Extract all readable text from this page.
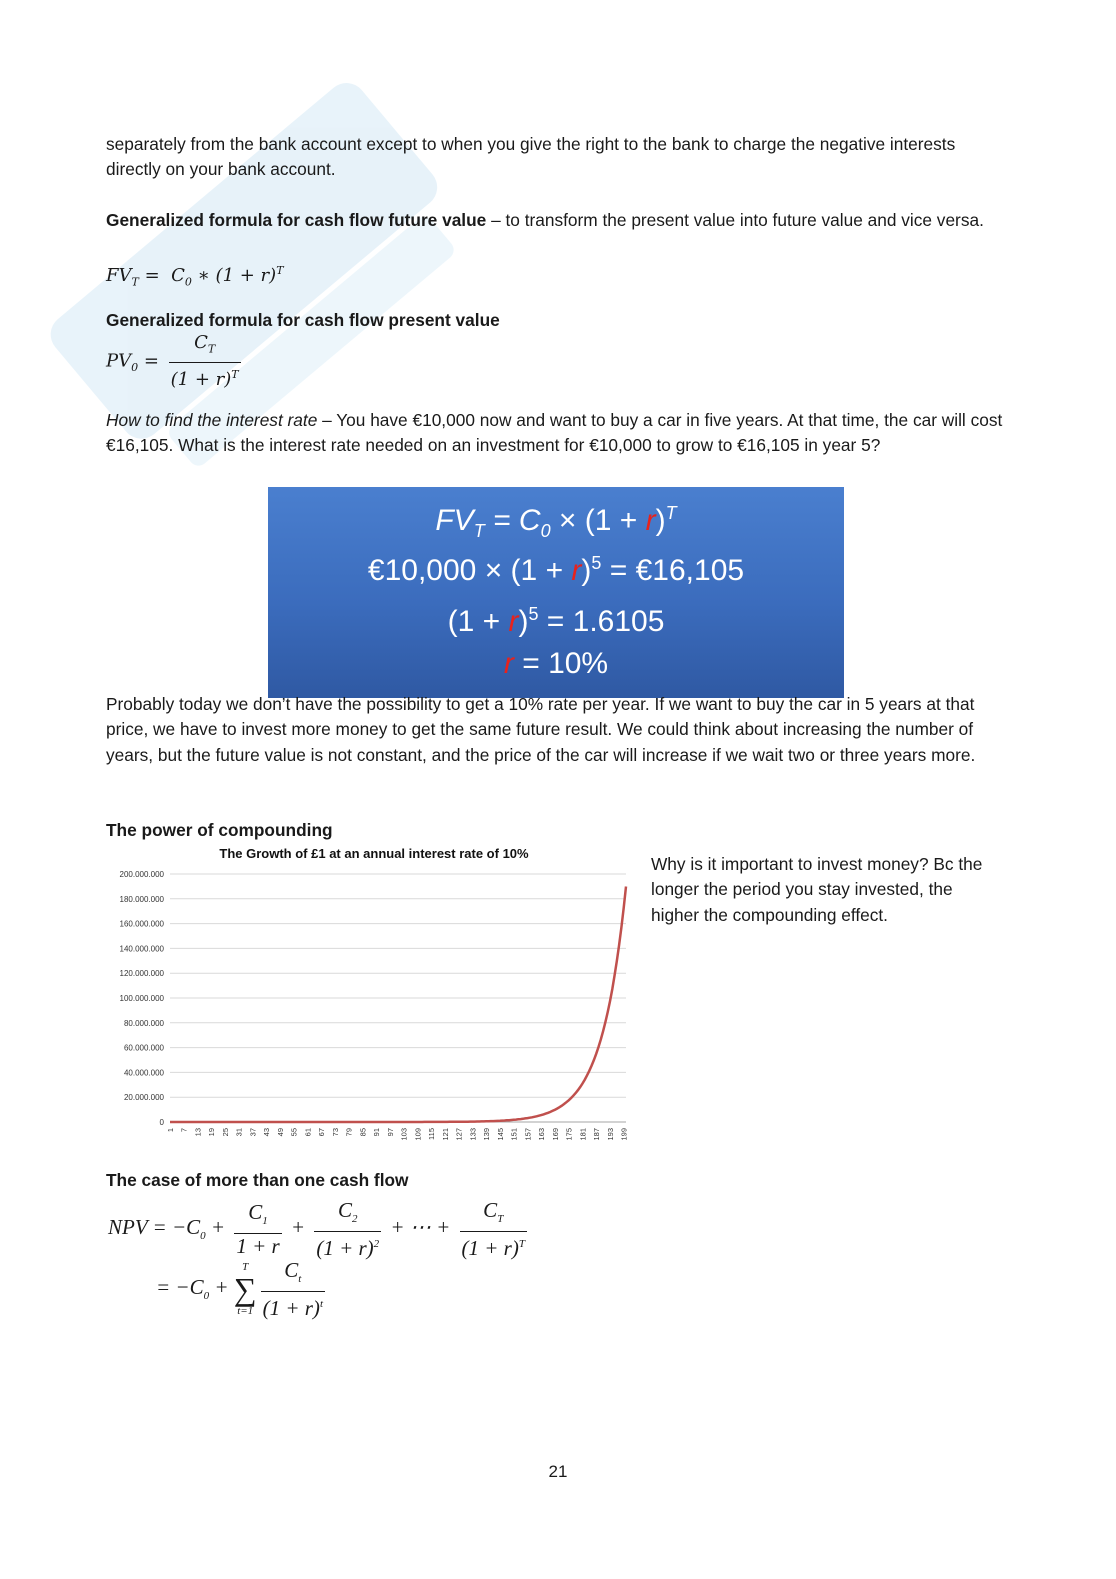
separately from the bank account except to when you give the right to the bank to charge the negative interests directly on your bank account.

Generalized formula for cash flow future value – to transform the present value into future value and vice versa.

$FV_T = C_0$ ∗ $(1 + r)^T$

Generalized formula for cash flow present value

$PV_0 = \frac{C_T}{(1 + r)^T}$

How to find the interest rate – You have €10,000 now and want to buy a car in five years. At that time, the car will cost €16,105. What is the interest rate needed on an investment for €10,000 to grow to €16,105 in year 5?

$FV_T = C_0 \times (1 + r)^T$
€10,000 × $(1 + r)^5$ = €16,105
$(1 + r)^5 = 1.6105$
r = 10%

Probably today we don’t have the possibility to get a 10% rate per year. If we want to buy the car in 5 years at that price, we have to invest more money to get the same future result. We could think about increasing the number of years, but the future value is not constant, and the price of the car will increase if we wait two or three years more.

The power of compounding

The Growth of £1 at an annual interest rate of 10%
0
20.000.000
40.000.000
60.000.000
80.000.000
100.000.000
120.000.000
140.000.000
160.000.000
180.000.000
200.000.000
1 7 13 19 25 31 37 43 49 55 61 67 73 79 85 91 97 103 109 115 121 127 133 139 145 151 157 163 169 175 181 187 193 199
Why is it important to invest money? Bc the longer the period you stay invested, the higher the compounding effect.

The case of more than one cash flow

NPV = $-C_0 + \frac{C_1}{1 + r} + \frac{C_2}{(1 + r)^2}$ + ⋯ + $\frac{C_T}{(1 + r)^T}$
= $-C_0$ +
T
∑
$t=1 \frac{C_t}{(1 + r)^t}$
21
